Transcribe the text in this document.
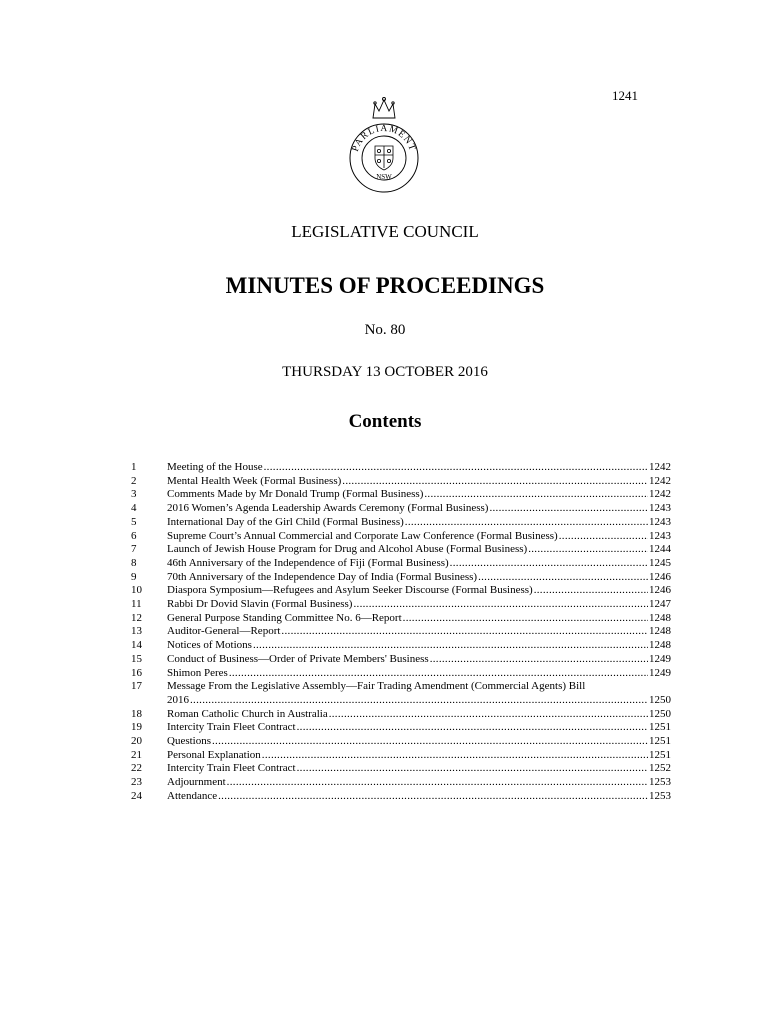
1241
PARLIAMENT
NSW
LEGISLATIVE COUNCIL
MINUTES OF PROCEEDINGS
No. 80
THURSDAY 13 OCTOBER 2016
Contents
1	Meeting of the House .....	1242
2	Mental Health Week (Formal Business) .....	1242
3	Comments Made by Mr Donald Trump (Formal Business) .....	1242
4	2016 Women’s Agenda Leadership Awards Ceremony (Formal Business) .....	1243
5	International Day of the Girl Child (Formal Business) .....	1243
6	Supreme Court’s Annual Commercial and Corporate Law Conference (Formal Business) .....	1243
7	Launch of Jewish House Program for Drug and Alcohol Abuse (Formal Business) .....	1244
8	46th Anniversary of the Independence of Fiji (Formal Business) .....	1245
9	70th Anniversary of the Independence Day of India (Formal Business) .....	1246
10	Diaspora Symposium—Refugees and Asylum Seeker Discourse (Formal Business) .....	1246
11	Rabbi Dr Dovid Slavin (Formal Business) .....	1247
12	General Purpose Standing Committee No. 6—Report .....	1248
13	Auditor-General—Report .....	1248
14	Notices of Motions .....	1248
15	Conduct of Business—Order of Private Members' Business .....	1249
16	Shimon Peres .....	1249
17	Message From the Legislative Assembly—Fair Trading Amendment (Commercial Agents) Bill
2016 .....	1250
18	Roman Catholic Church in Australia .....	1250
19	Intercity Train Fleet Contract .....	1251
20	Questions .....	1251
21	Personal Explanation .....	1251
22	Intercity Train Fleet Contract .....	1252
23	Adjournment .....	1253
24	Attendance .....	1253
